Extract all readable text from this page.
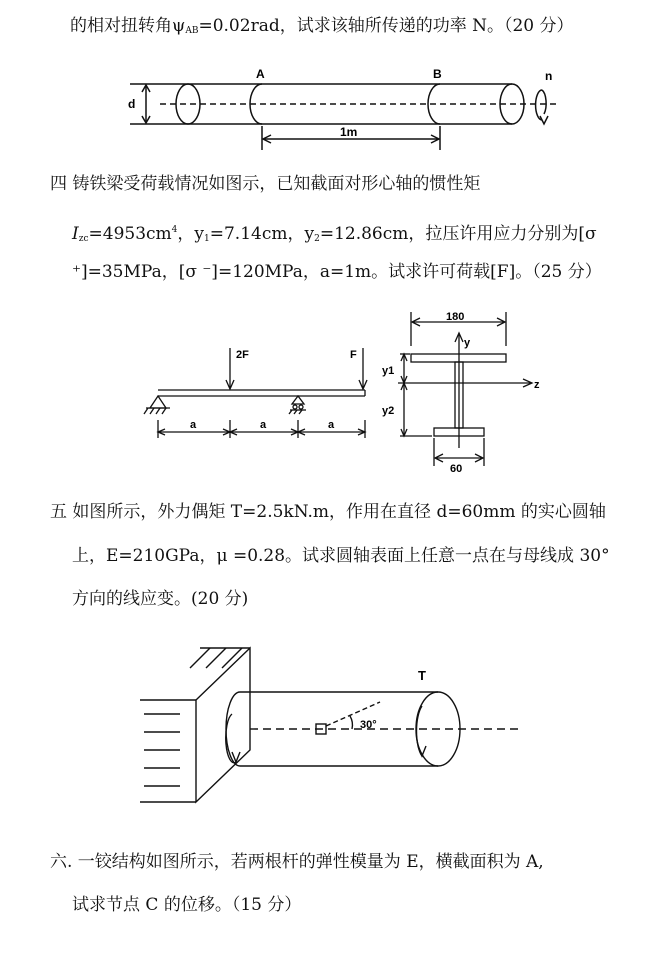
的相对扭转角$\psi_{AB}=0.02rad$，试求该轴所传递的功率 N。（20 分）
A	B	n
d
1m
四 铸铁梁受荷载情况如图示，已知截面对形心轴的惯性矩
$I_{zc}=4953cm^4$，$y_1=7.14cm$，$y_2=12.86cm$，拉压许用应力分别为[σ
⁺]=35MPa，[σ ⁻]=120MPa，a=1m。试求许可荷载[F]。（25 分）
2F	F
a	a	a
180
y
z
y1
y2
60
五 如图所示，外力偶矩 T=2.5kN.m，作用在直径 d=60mm 的实心圆轴
上，E=210GPa，μ =0.28。试求圆轴表面上任意一点在与母线成 30°
方向的线应变。(20 分)
T
30°
六. 一铰结构如图所示，若两根杆的弹性模量为 E，横截面积为 A,
试求节点 C 的位移。（15 分）
